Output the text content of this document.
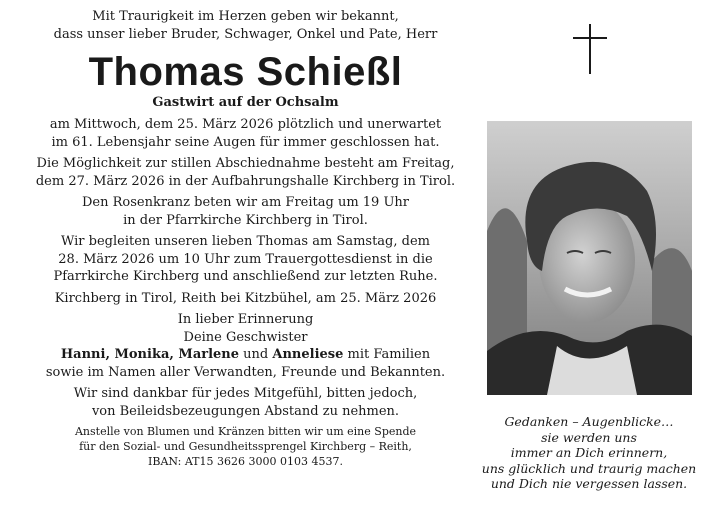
Mit Traurigkeit im Herzen geben wir bekannt,
dass unser lieber Bruder, Schwager, Onkel und Pate, Herr

Thomas Schießl

Gastwirt auf der Ochsalm

am Mittwoch, dem 25. März 2026 plötzlich und unerwartet
im 61. Lebensjahr seine Augen für immer geschlossen hat.

Die Möglichkeit zur stillen Abschiednahme besteht am Freitag,
dem 27. März 2026 in der Aufbahrungshalle Kirchberg in Tirol.

Den Rosenkranz beten wir am Freitag um 19 Uhr
in der Pfarrkirche Kirchberg in Tirol.

Wir begleiten unseren lieben Thomas am Samstag, dem
28. März 2026 um 10 Uhr zum Trauergottesdienst in die
Pfarrkirche Kirchberg und anschließend zur letzten Ruhe.

Kirchberg in Tirol, Reith bei Kitzbühel, am 25. März 2026

In lieber Erinnerung
Deine Geschwister
Hanni, Monika, Marlene und Anneliese mit Familien

sowie im Namen aller Verwandten, Freunde und Bekannten.

Wir sind dankbar für jedes Mitgefühl, bitten jedoch,
von Beileidsbezeugungen Abstand zu nehmen.

Anstelle von Blumen und Kränzen bitten wir um eine Spende
für den Sozial- und Gesundheitssprengel Kirchberg – Reith,
IBAN: AT15 3626 3000 0103 4537.

Gedanken – Augenblicke…
sie werden uns
immer an Dich erinnern,
uns glücklich und traurig machen
und Dich nie vergessen lassen.
